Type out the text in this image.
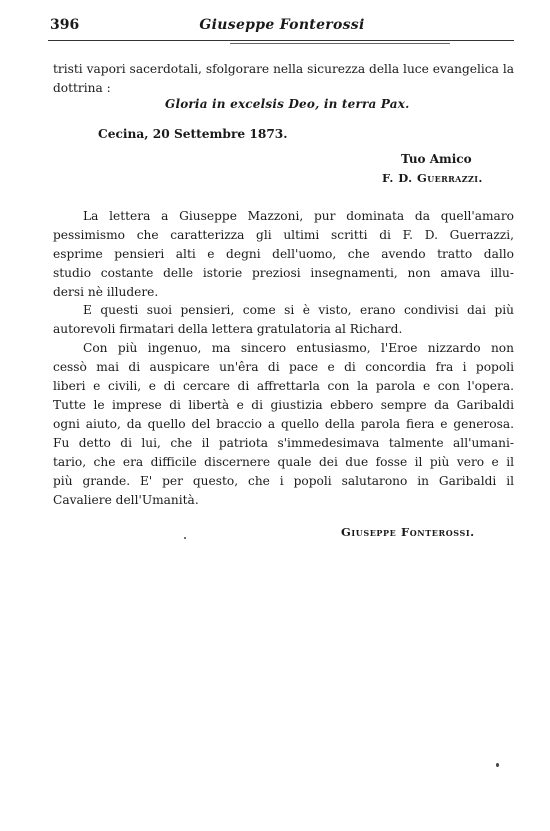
396	Giuseppe Fonterossi
tristi vapori sacerdotali, sfolgorare nella sicurezza della luce evangelica la
dottrina :
Gloria in excelsis Deo, in terra Pax.
Cecina, 20 Settembre 1873.
Tuo Amico
F. D. Guerrazzi.
La lettera a Giuseppe Mazzoni, pur dominata da quell'amaro
pessimismo che caratterizza gli ultimi scritti di F. D. Guerrazzi,
esprime pensieri alti e degni dell'uomo, che avendo tratto dallo
studio costante delle istorie preziosi insegnamenti, non amava illu-
dersi nè illudere.
E questi suoi pensieri, come si è visto, erano condivisi dai più
autorevoli firmatari della lettera gratulatoria al Richard.
Con più ingenuo, ma sincero entusiasmo, l'Eroe nizzardo non
cessò mai di auspicare un'êra di pace e di concordia fra i popoli
liberi e civili, e di cercare di affrettarla con la parola e con l'opera.
Tutte le imprese di libertà e di giustizia ebbero sempre da Garibaldi
ogni aiuto, da quello del braccio a quello della parola fiera e generosa.
Fu detto di lui, che il patriota s'immedesimava talmente all'umani-
tario, che era difficile discernere quale dei due fosse il più vero e il
più grande. E' per questo, che i popoli salutarono in Garibaldi il
Cavaliere dell'Umanità.
Giuseppe Fonterossi.
